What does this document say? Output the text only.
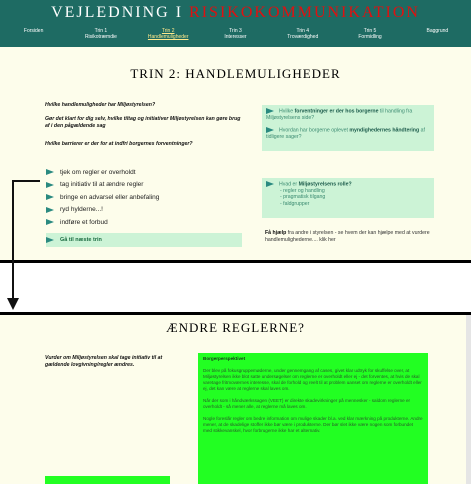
VEJLEDNING I RISIKOKOMMUNIKATION
Forsiden	Trin 1
Risikotræmdie
Trin 2
Handlemuligheder
Trin 3
Interesser
Trin 4
Troværdighed
Trin 5
Formidling
Baggrund
TRIN 2: HANDLEMULIGHEDER
Hvilke handlemuligheder har Miljøstyrelsen?
Gør det klart for dig selv, hvilke tiltag og initiativer Miljøstyrelsen kan gøre brug af i den pågældende sag
Hvilke barrierer er der for at indfri borgernes forventninger?
tjek om regler er overholdt
tag initiativ til at ændre regler
bringe en advarsel eller anbefaling
ryd hylderne...!
indføre et forbud
Gå til næste trin
Hvilke forventninger er der hos borgerne til handling fra Miljøstyrelsens side?
Hvordan har borgerne oplevet myndighedernes håndtering af tidligere sager?
Hvad er Miljøstyrelsens rolle?
- regler og handling
- pragmatisk tilgang
- faldgrupper
Få hjælp fra andre i styrelsen - se hvem der kan hjælpe med at vurdere handlemulighederne.... klik her
ÆNDRE REGLERNE?
Vurder om Miljøstyrelsen skal tage initiativ til at gældende lovgivning/regler ændres.
Borgerperspektivet

Der blev på fokusgruppemøderne, under gennemgang af cases, givet klar udtryk for skuffelse over, at Miljøstyrelsen ikke blot satte undersøgelser om reglerne er overholdt eller ej - det forventes, at hvis de skal varetage fritmoværnes interesse, skal de forhold og reelt til at problem uanset om reglerne er overholdt eller ej, det kan være at reglerne skal laves om.

Når der som i håndværkssagen (VEET) er direkte skadevirkninger på mennesker - saldom reglerne er overholdt - så mener alle, at reglerne må laves om.

Nogle foreslår regler om bedre information om mulige skader bl.a. ved klar mærkning på produkterne. Andre mener, at de skadelige stoffer ikke bør være i produkterne. Der bør slet ikke være nogen som forbundet med stikkevanskel, hvor forbrugerne ikke har et alternativ.
